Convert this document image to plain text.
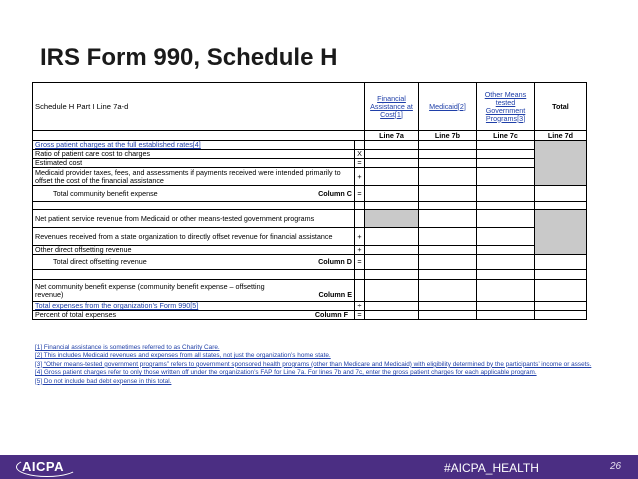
IRS Form 990, Schedule H
Schedule H Part I Line 7a-d		Financial Assistance at Cost[1]	Medicaid[2]	Other Means tested Government Programs[3]	Total
		Line 7a	Line 7b	Line 7c	Line 7d
Gross patient charges at the full established rates[4]					
Ratio of patient care cost to charges	X				
Estimated cost	=				
Medicaid provider taxes, fees, and assessments if payments received were intended primarily to offset the cost of the financial assistance	+				

Total community benefit expense Column C	=				

Net patient service revenue from Medicaid or other means-tested government programs					
Revenues received from a state organization to directly offset revenue for financial assistance	+				
Other direct offsetting revenue	+				

Total direct offsetting revenue Column D	=				

Net community benefit expense (community benefit expense – offsetting revenue) Column E					

Total expenses from the organization’s Form 990[5]	÷				

Percent of total expenses Column F	=				
[1] Financial assistance is sometimes referred to as Charity Care.
[2] This includes Medicaid revenues and expenses from all states, not just the organization’s home state.
[3] “Other means-tested government programs” refers to government sponsored health programs (other than Medicare and Medicaid) with eligibility determined by the participants’ income or assets.
[4] Gross patient charges refer to only those written off under the organization’s FAP for Line 7a. For lines 7b and 7c, enter the gross patient charges for each applicable program.
[5] Do not include bad debt expense in this total.
AICPA	#AICPA_HEALTH	26
